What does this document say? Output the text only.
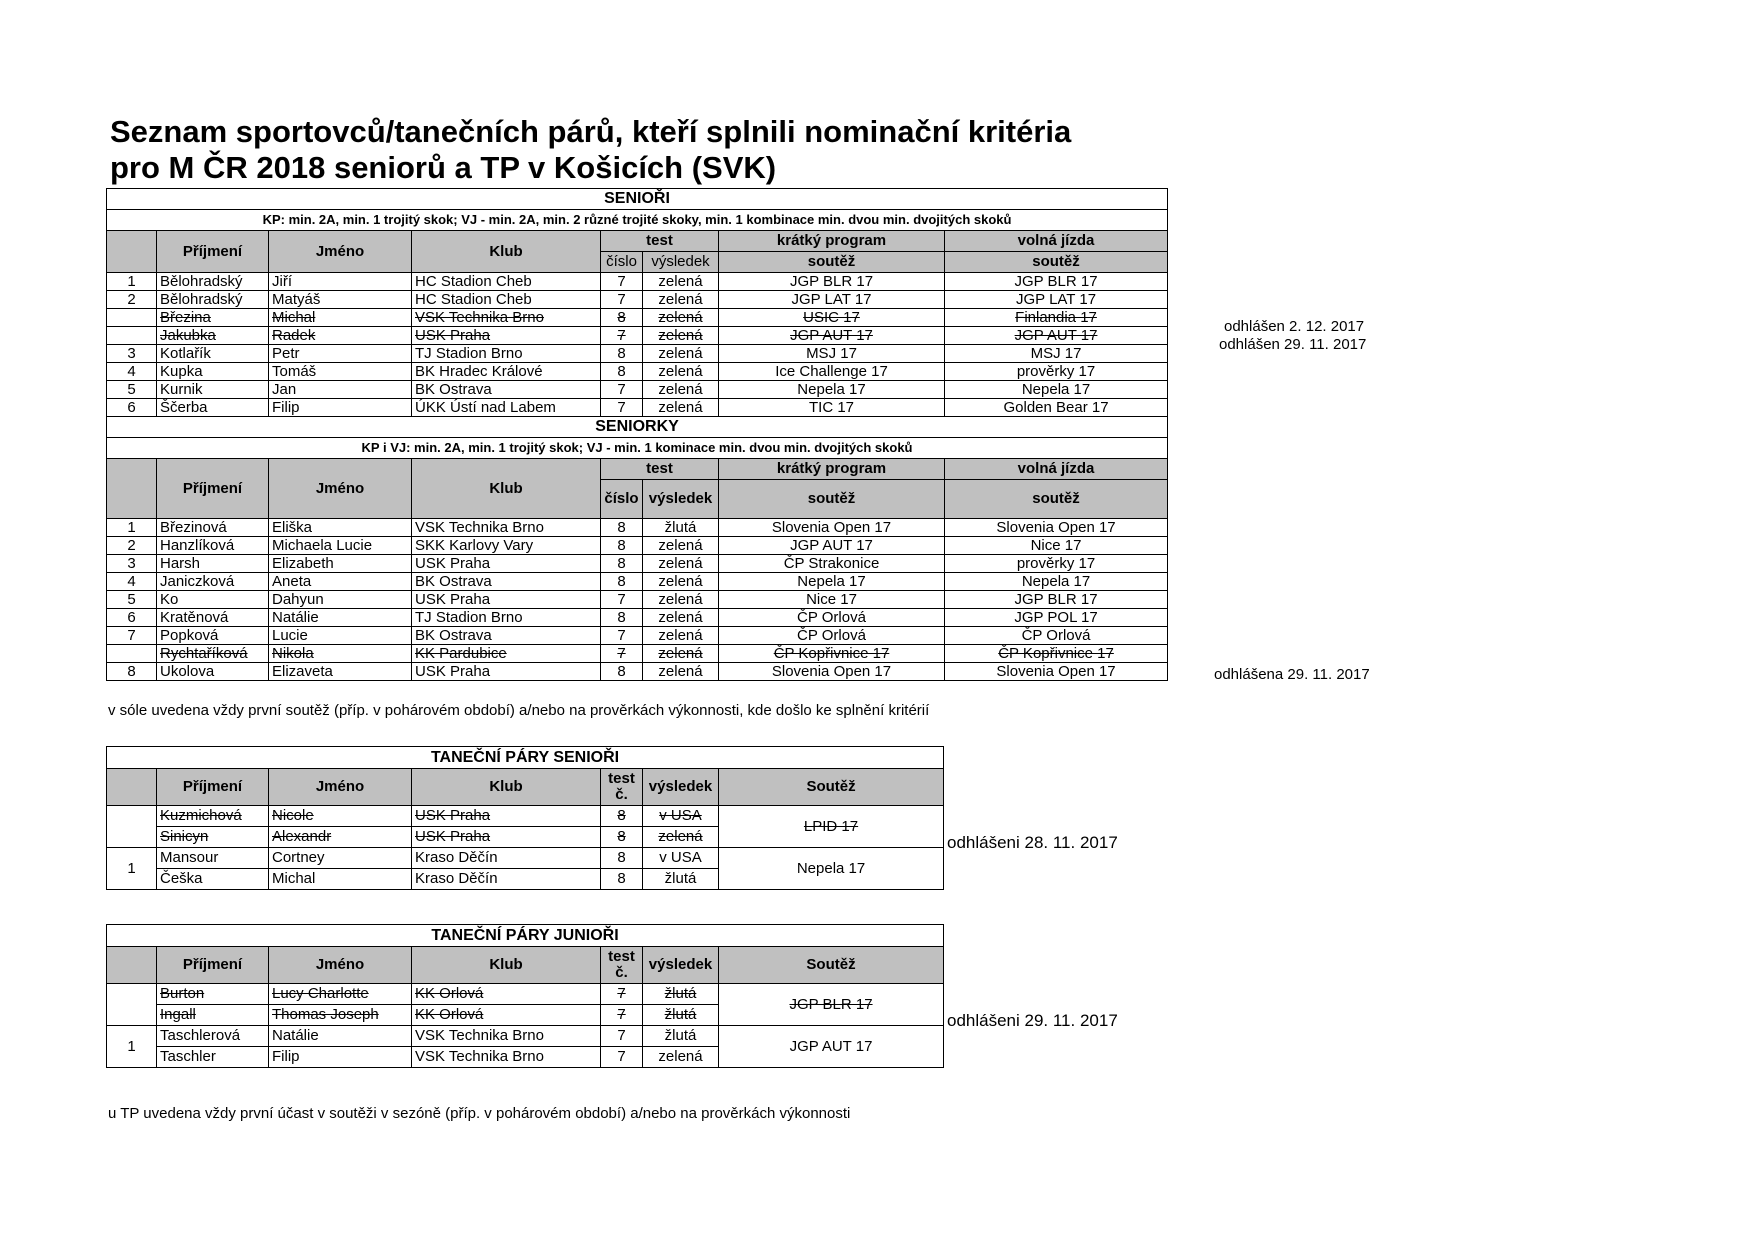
Seznam sportovců/tanečních párů, kteří splnili nominační kritéria
pro M ČR 2018 seniorů a TP v Košicích (SVK)
SENIOŘI							
KP: min. 2A, min. 1 trojitý skok; VJ - min. 2A, min. 2 různé trojité skoky, min. 1 kombinace min. dvou min. dvojitých skoků							
	Příjmení	Jméno	Klub	test		krátký program	volná jízda
				číslo	výsledek	soutěž	soutěž
1	Bělohradský	Jiří	HC Stadion Cheb	7	zelená	JGP BLR 17	JGP BLR 17
2	Bělohradský	Matyáš	HC Stadion Cheb	7	zelená	JGP LAT 17	JGP LAT 17
	Březina	Michal	VSK Technika Brno	8	zelená	USIC 17	Finlandia 17
	Jakubka	Radek	USK Praha	7	zelená	JGP AUT 17	JGP AUT 17
3	Kotlařík	Petr	TJ Stadion Brno	8	zelená	MSJ 17	MSJ 17
4	Kupka	Tomáš	BK Hradec Králové	8	zelená	Ice Challenge 17	prověrky 17
5	Kurnik	Jan	BK Ostrava	7	zelená	Nepela 17	Nepela 17
6	Ščerba	Filip	ÚKK Ústí nad Labem	7	zelená	TIC 17	Golden Bear 17
SENIORKY							
KP i VJ: min. 2A, min. 1 trojitý skok; VJ - min. 1 kominace min. dvou min. dvojitých skoků							
	Příjmení	Jméno	Klub	test		krátký program	volná jízda
				číslo	výsledek	soutěž	soutěž
1	Březinová	Eliška	VSK Technika Brno	8	žlutá	Slovenia Open 17	Slovenia Open 17
2	Hanzlíková	Michaela Lucie	SKK Karlovy Vary	8	zelená	JGP AUT 17	Nice 17
3	Harsh	Elizabeth	USK Praha	8	zelená	ČP Strakonice	prověrky 17
4	Janiczková	Aneta	BK Ostrava	8	zelená	Nepela 17	Nepela 17
5	Ko	Dahyun	USK Praha	7	zelená	Nice 17	JGP BLR 17
6	Kratěnová	Natálie	TJ Stadion Brno	8	zelená	ČP Orlová	JGP POL 17
7	Popková	Lucie	BK Ostrava	7	zelená	ČP Orlová	ČP Orlová
	Rychtaříková	Nikola	KK Pardubice	7	zelená	ČP Kopřivnice 17	ČP Kopřivnice 17
8	Ukolova	Elizaveta	USK Praha	8	zelená	Slovenia Open 17	Slovenia Open 17
odhlášen 2. 12. 2017
odhlášen 29. 11. 2017
odhlášena 29. 11. 2017
odhlášeni 28. 11. 2017
odhlášeni 29. 11. 2017
v sóle uvedena vždy první soutěž (příp. v pohárovém období) a/nebo na prověrkách výkonnosti, kde došlo ke splnění kritérií
TANEČNÍ PÁRY SENIOŘI						
	Příjmení	Jméno	Klub	test č.	výsledek	Soutěž
	Kuzmichová	Nicole	USK Praha	8	v USA	LPID 17
	Sinicyn	Alexandr	USK Praha	8	zelená	
1	Mansour	Cortney	Kraso Děčín	8	v USA	Nepela 17
	Češka	Michal	Kraso Děčín	8	žlutá	
TANEČNÍ PÁRY JUNIOŘI						
	Příjmení	Jméno	Klub	test č.	výsledek	Soutěž
	Burton	Lucy Charlotte	KK Orlová	7	žlutá	JGP BLR 17
	Ingall	Thomas Joseph	KK Orlová	7	žlutá	
1	Taschlerová	Natálie	VSK Technika Brno	7	žlutá	JGP AUT 17
	Taschler	Filip	VSK Technika Brno	7	zelená	
u TP uvedena vždy první účast v soutěži v sezóně (příp. v pohárovém období) a/nebo na prověrkách výkonnosti
